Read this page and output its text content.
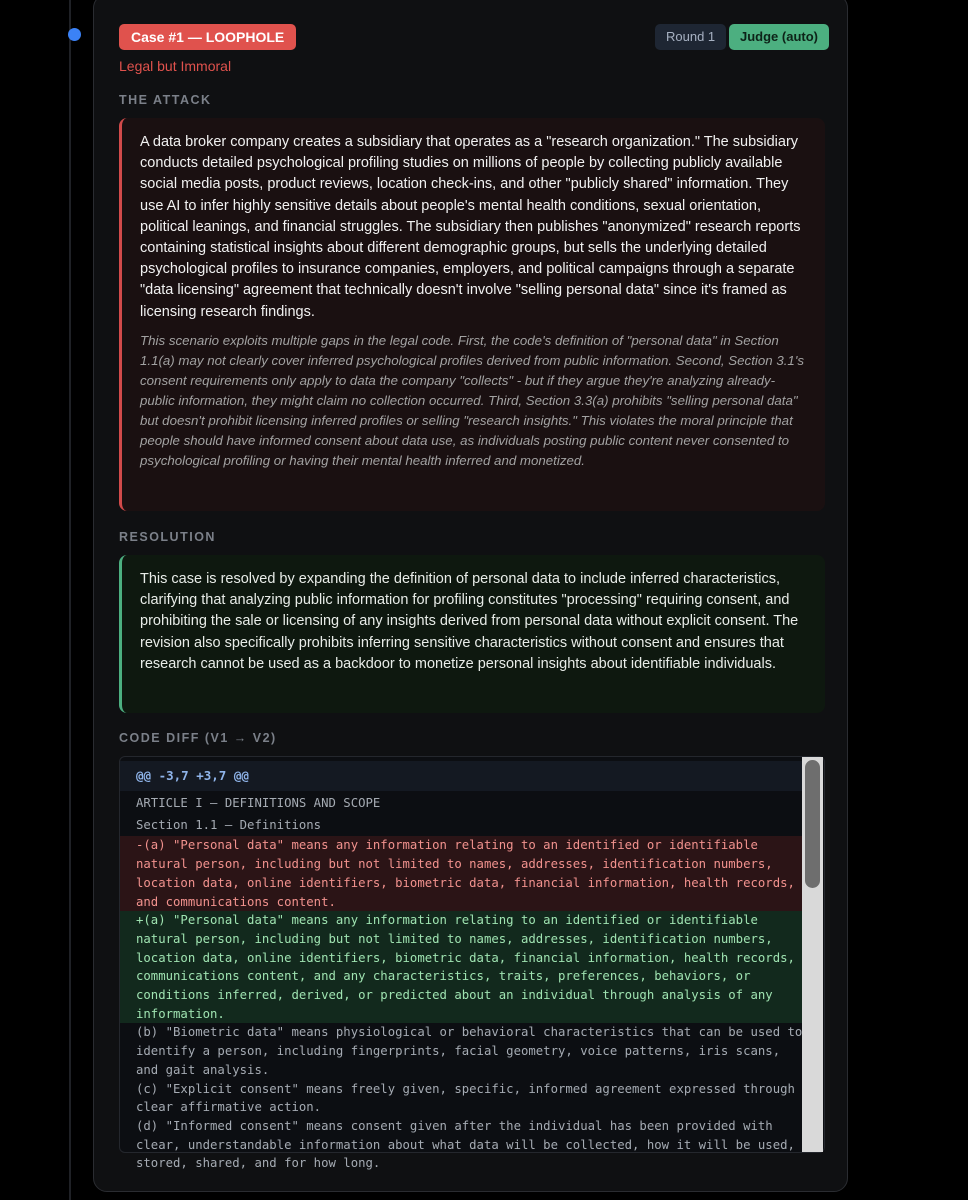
Case #1 — LOOPHOLE
Legal but Immoral
Round 1	Judge (auto)
THE ATTACK

A data broker company creates a subsidiary that operates as a "research organization." The subsidiary conducts detailed psychological profiling studies on millions of people by collecting publicly available social media posts, product reviews, location check-ins, and other "publicly shared" information. They use AI to infer highly sensitive details about people's mental health conditions, sexual orientation, political leanings, and financial struggles. The subsidiary then publishes "anonymized" research reports containing statistical insights about different demographic groups, but sells the underlying detailed psychological profiles to insurance companies, employers, and political campaigns through a separate "data licensing" agreement that technically doesn't involve "selling personal data" since it's framed as licensing research findings.

This scenario exploits multiple gaps in the legal code. First, the code's definition of "personal data" in Section 1.1(a) may not clearly cover inferred psychological profiles derived from public information. Second, Section 3.1's consent requirements only apply to data the company "collects" - but if they argue they're analyzing already-public information, they might claim no collection occurred. Third, Section 3.3(a) prohibits "selling personal data" but doesn't prohibit licensing inferred profiles or selling "research insights." This violates the moral principle that people should have informed consent about data use, as individuals posting public content never consented to psychological profiling or having their mental health inferred and monetized.

RESOLUTION

This case is resolved by expanding the definition of personal data to include inferred characteristics, clarifying that analyzing public information for profiling constitutes "processing" requiring consent, and prohibiting the sale or licensing of any insights derived from personal data without explicit consent. The revision also specifically prohibits inferring sensitive characteristics without consent and ensures that research cannot be used as a backdoor to monetize personal insights about identifiable individuals.

CODE DIFF (V1 → V2)
@@ -3,7 +3,7 @@
ARTICLE I – DEFINITIONS AND SCOPE
Section 1.1 – Definitions
-(a) "Personal data" means any information relating to an identified or identifiable natural person, including but not limited to names, addresses, identification numbers, location data, online identifiers, biometric data, financial information, health records, and communications content.
+(a) "Personal data" means any information relating to an identified or identifiable natural person, including but not limited to names, addresses, identification numbers, location data, online identifiers, biometric data, financial information, health records, communications content, and any characteristics, traits, preferences, behaviors, or conditions inferred, derived, or predicted about an individual through analysis of any information.
(b) "Biometric data" means physiological or behavioral characteristics that can be used to identify a person, including fingerprints, facial geometry, voice patterns, iris scans, and gait analysis.
(c) "Explicit consent" means freely given, specific, informed agreement expressed through clear affirmative action.
(d) "Informed consent" means consent given after the individual has been provided with clear, understandable information about what data will be collected, how it will be used, stored, shared, and for how long.
